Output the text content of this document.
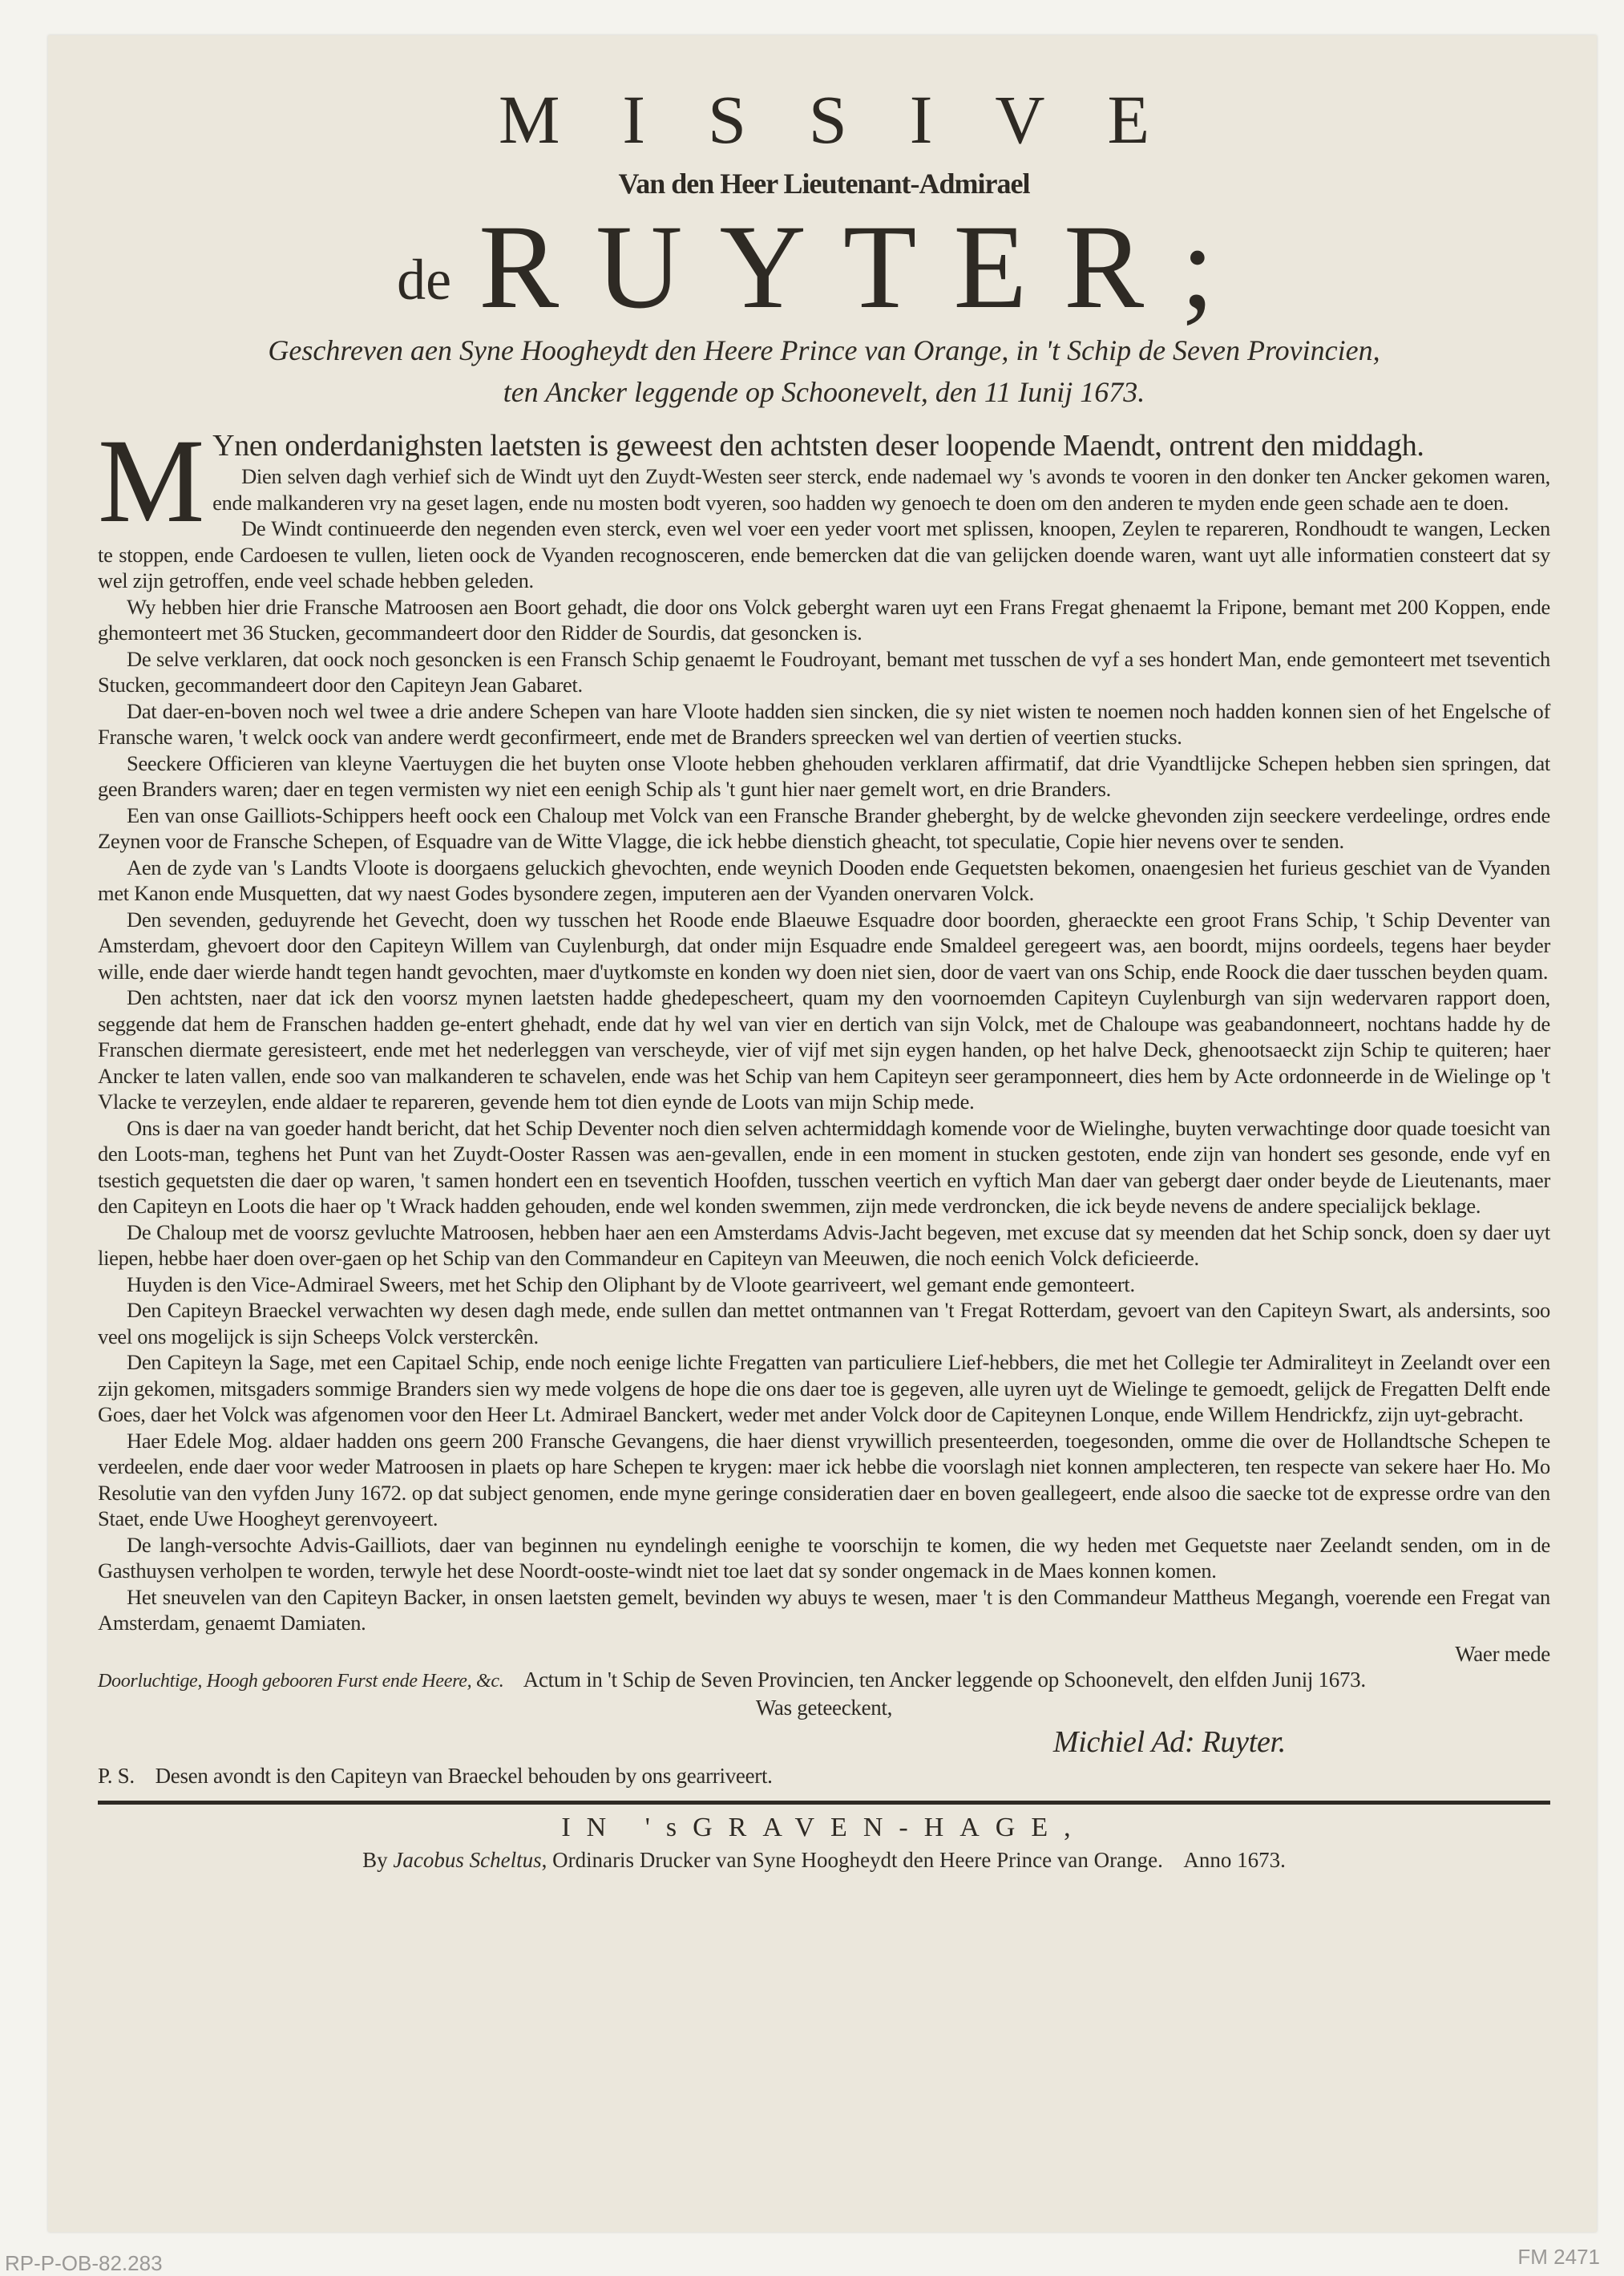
MISSIVE
Van den Heer Lieutenant-Admirael
de RUYTER;
Geschreven aen Syne Hoogheydt den Heere Prince van Orange, in 't Schip de Seven Provincien,
ten Ancker leggende op Schoonevelt, den 11 Iunij 1673.
M Ynen onderdanighsten laetsten is geweest den achtsten deser loopende Maendt, ontrent den middagh.

Dien selven dagh verhief sich de Windt uyt den Zuydt-Westen seer sterck, ende nademael wy 's avonds te vooren in den donker ten Ancker gekomen waren, ende malkanderen vry na geset lagen, ende nu mosten bodt vyeren, soo hadden wy genoech te doen om den anderen te myden ende geen schade aen te doen.

De Windt continueerde den negenden even sterck, even wel voer een yeder voort met splissen, knoopen, Zeylen te repareren, Rondhoudt te wangen, Lecken te stoppen, ende Cardoesen te vullen, lieten oock de Vyanden recognosceren, ende bemercken dat die van gelijcken doende waren, want uyt alle informatien consteert dat sy wel zijn getroffen, ende veel schade hebben geleden.

Wy hebben hier drie Fransche Matroosen aen Boort gehadt, die door ons Volck geberght waren uyt een Frans Fregat ghenaemt la Fripone, bemant met 200 Koppen, ende ghemonteert met 36 Stucken, gecommandeert door den Ridder de Sourdis, dat gesoncken is.

De selve verklaren, dat oock noch gesoncken is een Fransch Schip genaemt le Foudroyant, bemant met tusschen de vyf a ses hondert Man, ende gemonteert met tseventich Stucken, gecommandeert door den Capiteyn Jean Gabaret.

Dat daer-en-boven noch wel twee a drie andere Schepen van hare Vloote hadden sien sincken, die sy niet wisten te noemen noch hadden konnen sien of het Engelsche of Fransche waren, 't welck oock van andere werdt geconfirmeert, ende met de Branders spreecken wel van dertien of veertien stucks.

Seeckere Officieren van kleyne Vaertuygen die het buyten onse Vloote hebben ghehouden verklaren affirmatif, dat drie Vyandtlijcke Schepen hebben sien springen, dat geen Branders waren; daer en tegen vermisten wy niet een eenigh Schip als 't gunt hier naer gemelt wort, en drie Branders.

Een van onse Gailliots-Schippers heeft oock een Chaloup met Volck van een Fransche Brander gheberght, by de welcke ghevonden zijn seeckere verdeelinge, ordres ende Zeynen voor de Fransche Schepen, of Esquadre van de Witte Vlagge, die ick hebbe dienstich gheacht, tot speculatie, Copie hier nevens over te senden.

Aen de zyde van 's Landts Vloote is doorgaens geluckich ghevochten, ende weynich Dooden ende Gequetsten bekomen, onaengesien het furieus geschiet van de Vyanden met Kanon ende Musquetten, dat wy naest Godes bysondere zegen, imputeren aen der Vyanden onervaren Volck.

Den sevenden, geduyrende het Gevecht, doen wy tusschen het Roode ende Blaeuwe Esquadre door boorden, gheraeckte een groot Frans Schip, 't Schip Deventer van Amsterdam, ghevoert door den Capiteyn Willem van Cuylenburgh, dat onder mijn Esquadre ende Smaldeel geregeert was, aen boordt, mijns oordeels, tegens haer beyder wille, ende daer wierde handt tegen handt gevochten, maer d'uytkomste en konden wy doen niet sien, door de vaert van ons Schip, ende Roock die daer tusschen beyden quam.

Den achtsten, naer dat ick den voorsz mynen laetsten hadde ghedepescheert, quam my den voornoemden Capiteyn Cuylenburgh van sijn wedervaren rapport doen, seggende dat hem de Franschen hadden ge-entert ghehadt, ende dat hy wel van vier en dertich van sijn Volck, met de Chaloupe was geabandonneert, nochtans hadde hy de Franschen diermate geresisteert, ende met het nederleggen van verscheyde, vier of vijf met sijn eygen handen, op het halve Deck, ghenootsaeckt zijn Schip te quiteren; haer Ancker te laten vallen, ende soo van malkanderen te schavelen, ende was het Schip van hem Capiteyn seer geramponneert, dies hem by Acte ordonneerde in de Wielinge op 't Vlacke te verzeylen, ende aldaer te repareren, gevende hem tot dien eynde de Loots van mijn Schip mede.

Ons is daer na van goeder handt bericht, dat het Schip Deventer noch dien selven achtermiddagh komende voor de Wielinghe, buyten verwachtinge door quade toesicht van den Loots-man, teghens het Punt van het Zuydt-Ooster Rassen was aen-gevallen, ende in een moment in stucken gestoten, ende zijn van hondert ses gesonde, ende vyf en tsestich gequetsten die daer op waren, 't samen hondert een en tseventich Hoofden, tusschen veertich en vyftich Man daer van gebergt daer onder beyde de Lieutenants, maer den Capiteyn en Loots die haer op 't Wrack hadden gehouden, ende wel konden swemmen, zijn mede verdroncken, die ick beyde nevens de andere specialijck beklage.

De Chaloup met de voorsz gevluchte Matroosen, hebben haer aen een Amsterdams Advis-Jacht begeven, met excuse dat sy meenden dat het Schip sonck, doen sy daer uyt liepen, hebbe haer doen over-gaen op het Schip van den Commandeur en Capiteyn van Meeuwen, die noch eenich Volck deficieerde.

Huyden is den Vice-Admirael Sweers, met het Schip den Oliphant by de Vloote gearriveert, wel gemant ende gemonteert.

Den Capiteyn Braeckel verwachten wy desen dagh mede, ende sullen dan mettet ontmannen van 't Fregat Rotterdam, gevoert van den Capiteyn Swart, als andersints, soo veel ons mogelijck is sijn Scheeps Volck versterckên.

Den Capiteyn la Sage, met een Capitael Schip, ende noch eenige lichte Fregatten van particuliere Lief-hebbers, die met het Collegie ter Admiraliteyt in Zeelandt over een zijn gekomen, mitsgaders sommige Branders sien wy mede volgens de hope die ons daer toe is gegeven, alle uyren uyt de Wielinge te gemoedt, gelijck de Fregatten Delft ende Goes, daer het Volck was afgenomen voor den Heer Lt. Admirael Banckert, weder met ander Volck door de Capiteynen Lonque, ende Willem Hendrickfz, zijn uyt-gebracht.

Haer Edele Mog. aldaer hadden ons geern 200 Fransche Gevangens, die haer dienst vrywillich presenteerden, toegesonden, omme die over de Hollandtsche Schepen te verdeelen, ende daer voor weder Matroosen in plaets op hare Schepen te krygen: maer ick hebbe die voorslagh niet konnen amplecteren, ten respecte van sekere haer Ho. Mo Resolutie van den vyfden Juny 1672. op dat subject genomen, ende myne geringe consideratien daer en boven geallegeert, ende alsoo die saecke tot de expresse ordre van den Staet, ende Uwe Hoogheyt gerenvoyeert.

De langh-versochte Advis-Gailliots, daer van beginnen nu eyndelingh eenighe te voorschijn te komen, die wy heden met Gequetste naer Zeelandt senden, om in de Gasthuysen verholpen te worden, terwyle het dese Noordt-ooste-windt niet toe laet dat sy sonder ongemack in de Maes konnen komen.

Het sneuvelen van den Capiteyn Backer, in onsen laetsten gemelt, bevinden wy abuys te wesen, maer 't is den Commandeur Mattheus Megangh, voerende een Fregat van Amsterdam, genaemt Damiaten.

Waer mede
Doorluchtige, Hoogh gebooren Furst ende Heere, &c. Actum in 't Schip de Seven Provincien, ten Ancker leggende op Schoonevelt, den elfden Junij 1673.
Was geteeckent,
Michiel Ad: Ruyter.
P. S. Desen avondt is den Capiteyn van Braeckel behouden by ons gearriveert.
IN 'sGRAVEN-HAGE,
By Jacobus Scheltus, Ordinaris Drucker van Syne Hoogheydt den Heere Prince van Orange. Anno 1673.
RP-P-OB-82.283	FM 2471
